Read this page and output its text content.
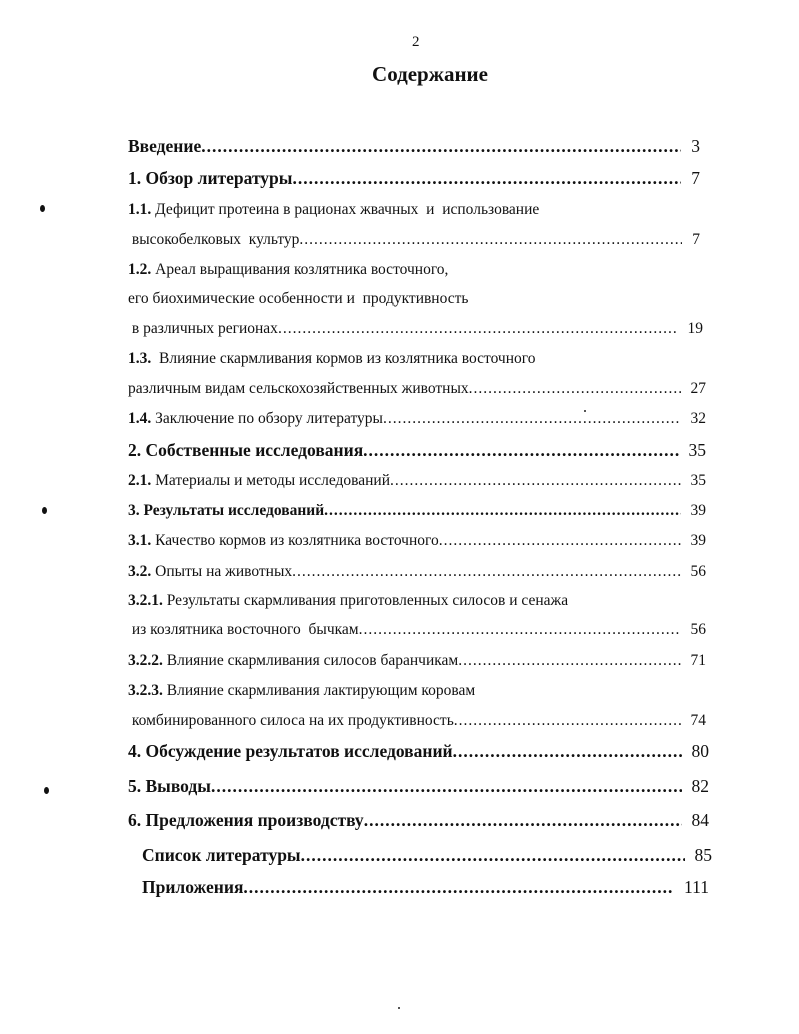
2
Содержание
Введение .....	3
1. Обзор литературы .....	7
1.1. Дефицит протеина в рационах жвачных  и  использование
высокобелковых  культур .....	7
1.2. Ареал выращивания козлятника восточного,
его биохимические особенности и  продуктивность
в различных регионах .....	19
1.3. Влияние скармливания кормов из козлятника восточного
различным видам сельскохозяйственных животных .....	27
1.4. Заключение по обзору литературы .....	32
2. Собственные исследования .....	35
2.1. Материалы и методы исследований .....	35
3. Результаты исследований .....	39
3.1. Качество кормов из козлятника восточного .....	39
3.2. Опыты на животных .....	56
3.2.1. Результаты скармливания приготовленных силосов и сенажа
из козлятника восточного  бычкам .....	56
3.2.2. Влияние скармливания силосов баранчикам .....	71
3.2.3. Влияние скармливания лактирующим коровам
комбинированного силоса на их продуктивность .....	74
4. Обсуждение результатов исследований .....	80
5. Выводы .....	82
6. Предложения производству .....	84
Список литературы .....	85
Приложения .....	111
